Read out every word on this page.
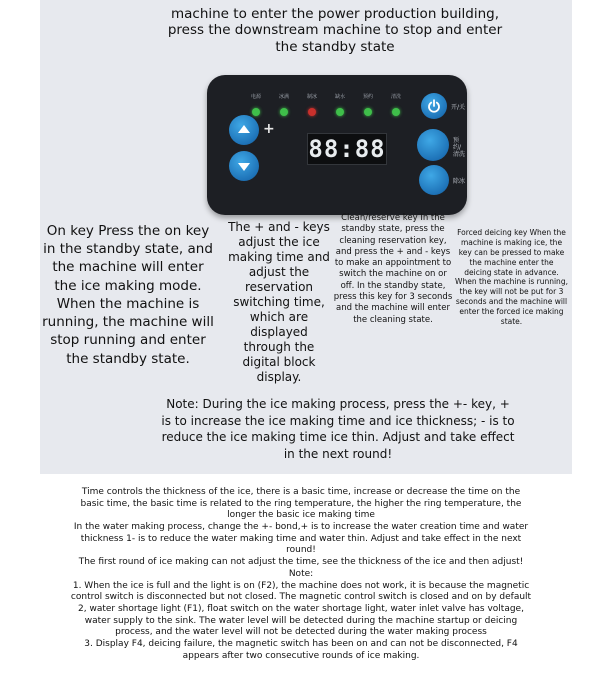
machine to enter the power production building, press the downstream machine to stop and enter the standby state
电源	冰满	制冰	缺水	预约	清洗
开/关
+
88:88	预约/清洗
除冰
On key Press the on key in the standby state, and the machine will enter the ice making mode. When the machine is running, the machine will stop running and enter the standby state.
The + and - keys adjust the ice making time and adjust the reservation switching time, which are displayed through the digital block display.
Clean/reserve key In the standby state, press the cleaning reservation key, and press the + and - keys to make an appointment to switch the machine on or off. In the standby state, press this key for 3 seconds and the machine will enter the cleaning state.
Forced deicing key When the machine is making ice, the key can be pressed to make the machine enter the deicing state in advance. When the machine is running, the key will not be put for 3 seconds and the machine will enter the forced ice making state.
Note: During the ice making process, press the +- key, + is to increase the ice making time and ice thickness; - is to reduce the ice making time ice thin. Adjust and take effect in the next round!
Time controls the thickness of the ice, there is a basic time, increase or decrease the time on the basic time, the basic time is related to the ring temperature, the higher the ring temperature, the longer the basic ice making time
In the water making process, change the +- bond,+ is to increase the water creation time and water thickness 1- is to reduce the water making time and water thin. Adjust and take effect in the next round!
The first round of ice making can not adjust the time, see the thickness of the ice and then adjust!
Note:
1. When the ice is full and the light is on (F2), the machine does not work, it is because the magnetic control switch is disconnected but not closed. The magnetic control switch is closed and on by default
2, water shortage light (F1), float switch on the water shortage light, water inlet valve has voltage, water supply to the sink. The water level will be detected during the machine startup or deicing process, and the water level will not be detected during the water making process
3. Display F4, deicing failure, the magnetic switch has been on and can not be disconnected, F4 appears after two consecutive rounds of ice making.
